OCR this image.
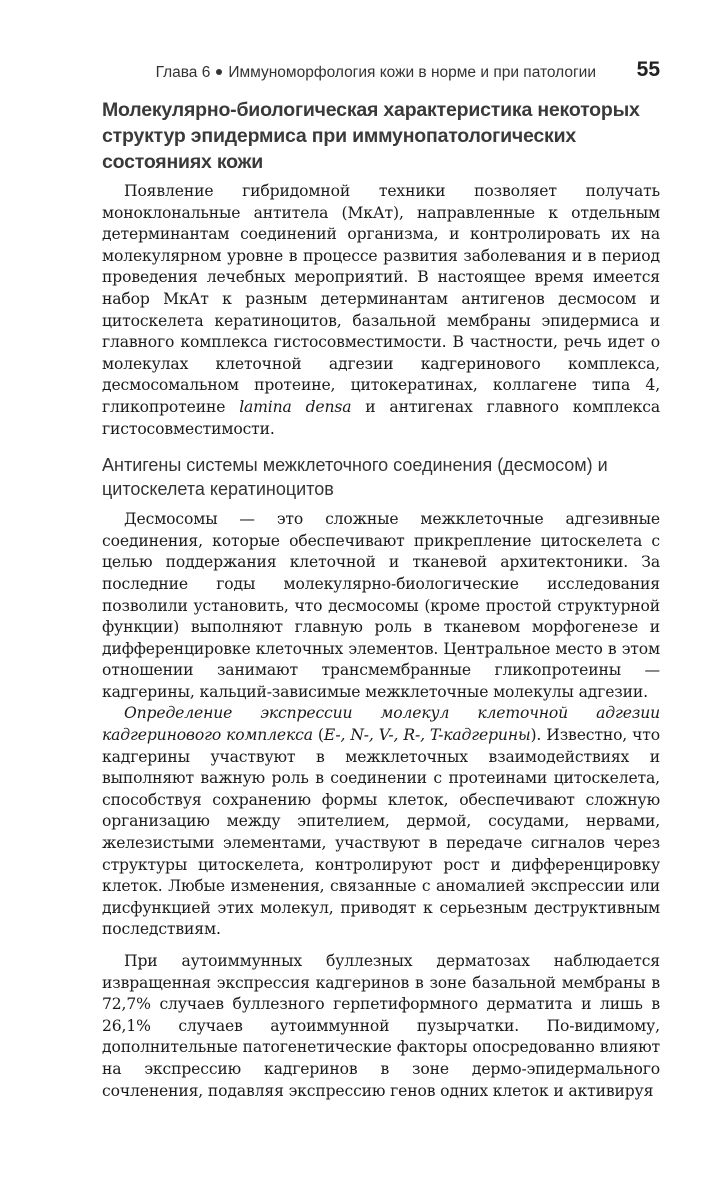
Глава 6 Иммуноморфология кожи в норме и при патологии 55
Молекулярно-биологическая характеристика некоторых структур эпидермиса при иммунопатологических состояниях кожи

Появление гибридомной техники позволяет получать моноклональные антитела (МкАт), направленные к отдельным детерминантам соединений организма, и контролировать их на молекулярном уровне в процессе развития заболевания и в период проведения лечебных мероприятий. В настоящее время имеется набор МкАт к разным детерминантам антигенов десмосом и цитоскелета кератиноцитов, базальной мембраны эпидермиса и главного комплекса гистосовместимости. В частности, речь идет о молекулах клеточной адгезии кадгеринового комплекса, десмосомальном протеине, цитокератинах, коллагене типа 4, гликопротеине lamina densa и антигенах главного комплекса гистосовместимости.

Антигены системы межклеточного соединения (десмосом) и цитоскелета кератиноцитов

Десмосомы — это сложные межклеточные адгезивные соединения, которые обеспечивают прикрепление цитоскелета с целью поддержания клеточной и тканевой архитектоники. За последние годы молекулярно-биологические исследования позволили установить, что десмосомы (кроме простой структурной функции) выполняют главную роль в тканевом морфогенезе и дифференцировке клеточных элементов. Центральное место в этом отношении занимают трансмембранные гликопротеины — кадгерины, кальций-зависимые межклеточные молекулы адгезии.

Определение экспрессии молекул клеточной адгезии кадгеринового комплекса (E-, N-, V-, R-, T-кадгерины). Известно, что кадгерины участвуют в межклеточных взаимодействиях и выполняют важную роль в соединении с протеинами цитоскелета, способствуя сохранению формы клеток, обеспечивают сложную организацию между эпителием, дермой, сосудами, нервами, железистыми элементами, участвуют в передаче сигналов через структуры цитоскелета, контролируют рост и дифференцировку клеток. Любые изменения, связанные с аномалией экспрессии или дисфункцией этих молекул, приводят к серьезным деструктивным последствиям.

При аутоиммунных буллезных дерматозах наблюдается извращенная экспрессия кадгеринов в зоне базальной мембраны в 72,7% случаев буллезного герпетиформного дерматита и лишь в 26,1% случаев аутоиммунной пузырчатки. По-видимому, дополнительные патогенетические факторы опосредованно влияют на экспрессию кадгеринов в зоне дермо-эпидермального сочленения, подавляя экспрессию генов одних клеток и активируя
